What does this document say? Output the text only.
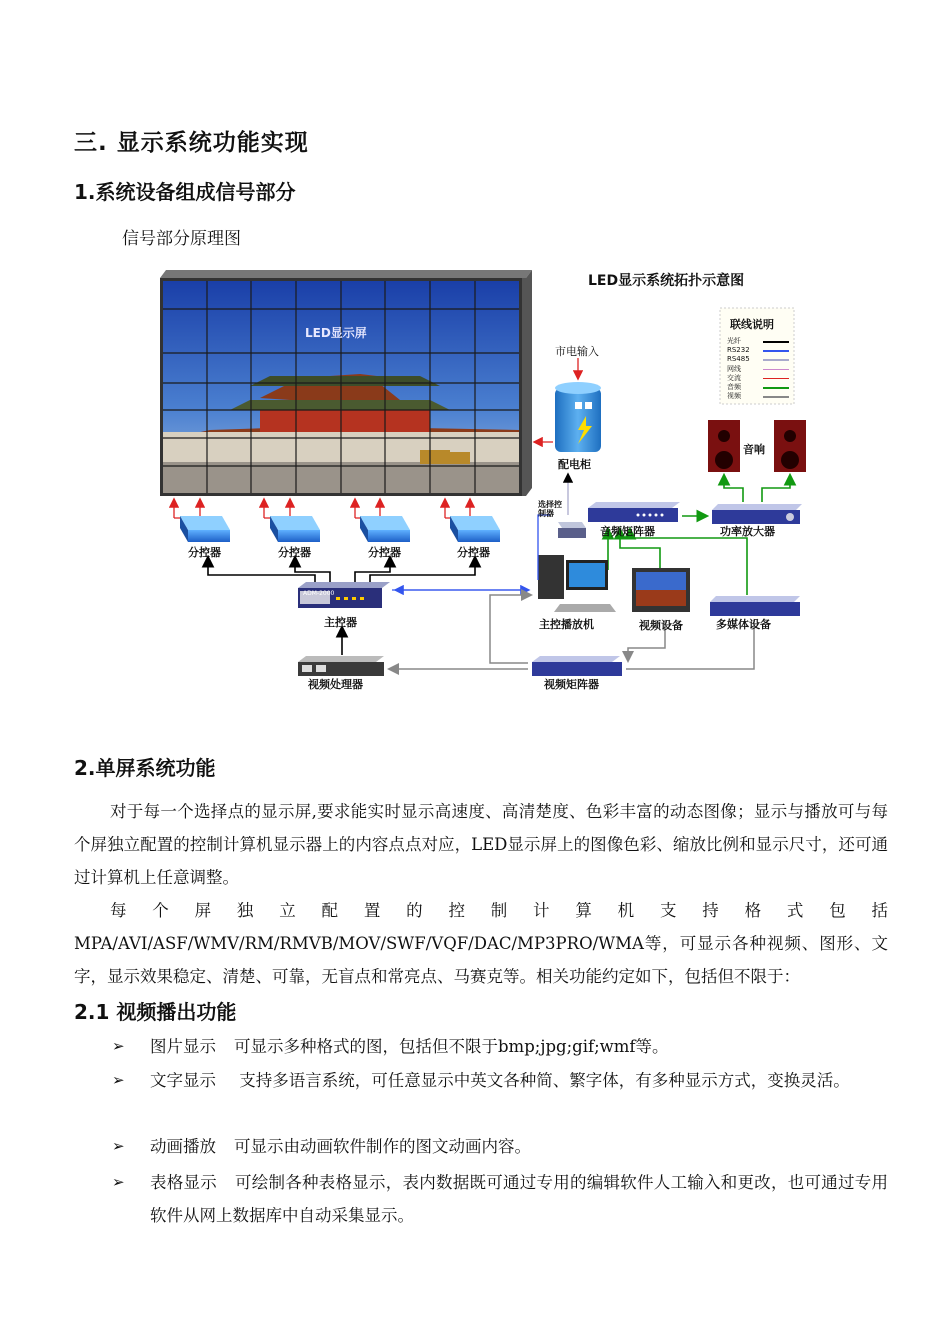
三. 显示系统功能实现
1.系统设备组成信号部分
信号部分原理图
LED显示系统拓扑示意图
LED显示屏
市电输入
配电柜
联线说明
音响
功率放大器
音频矩阵器
选择控制器
分控器	分控器	分控器	分控器
ADM-2000
主控器	主控播放机	视频设备	多媒体设备
视频处理器	视频矩阵器
光纤
RS232
RS485
网线
交流
音频
视频
2.单屏系统功能
对于每一个选择点的显示屏,要求能实时显示高速度、高清楚度、色彩丰富的动态图像；显示与播放可与每个屏独立配置的控制计算机显示器上的内容点点对应，LED显示屏上的图像色彩、缩放比例和显示尺寸，还可通过计算机上任意调整。
每个屏独立配置的控制计算机支持格式包括MPA/AVI/ASF/WMV/RM/RMVB/MOV/SWF/VQF/DAC/MP3PRO/WMA等，可显示各种视频、图形、文字，显示效果稳定、清楚、可靠，无盲点和常亮点、马赛克等。相关功能约定如下，包括但不限于：
2.1 视频播出功能
➢	图片显示 可显示多种格式的图，包括但不限于bmp;jpg;gif;wmf等。
➢	文字显示 支持多语言系统，可任意显示中英文各种简、繁字体，有多种显示方式，变换灵活。
➢	动画播放 可显示由动画软件制作的图文动画内容。
➢	表格显示 可绘制各种表格显示，表内数据既可通过专用的编辑软件人工输入和更改，也可通过专用软件从网上数据库中自动采集显示。
